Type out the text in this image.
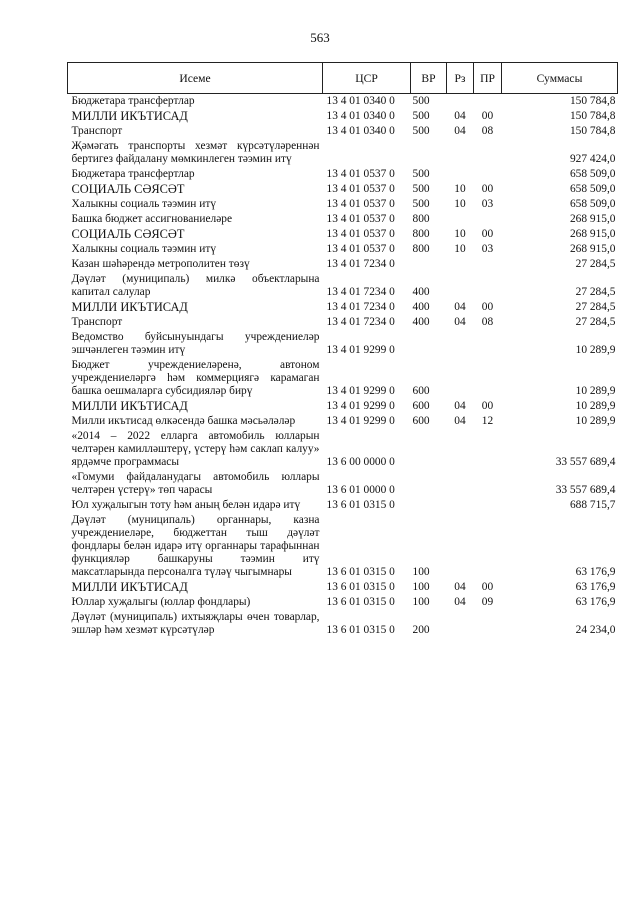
563
Исеме	ЦСР	ВР	Рз	ПР	Суммасы
Бюджетара трансфертлар	13 4 01 0340 0	500			150 784,8
МИЛЛИ ИКЪТИСАД	13 4 01 0340 0	500	04	00	150 784,8
Транспорт	13 4 01 0340 0	500	04	08	150 784,8
Җәмәгать транспорты хезмәт күрсәтүләреннән бертигез файдалану мөмкинлеген тәэмин итү					927 424,0
Бюджетара трансфертлар	13 4 01 0537 0	500			658 509,0
СОЦИАЛЬ СӘЯСӘТ	13 4 01 0537 0	500	10	00	658 509,0
Халыкны социаль тәэмин итү	13 4 01 0537 0	500	10	03	658 509,0
Башка бюджет ассигнованиеләре	13 4 01 0537 0	800			268 915,0
СОЦИАЛЬ СӘЯСӘТ	13 4 01 0537 0	800	10	00	268 915,0
Халыкны социаль тәэмин итү	13 4 01 0537 0	800	10	03	268 915,0
Казан шәһәрендә метрополитен төзү	13 4 01 7234 0				27 284,5
Дәүләт (муниципаль) милкә объектларына капитал салулар	13 4 01 7234 0	400			27 284,5
МИЛЛИ ИКЪТИСАД	13 4 01 7234 0	400	04	00	27 284,5
Транспорт	13 4 01 7234 0	400	04	08	27 284,5
Ведомство буйсынуындагы учреждениеләр эшчәнлеген тәэмин итү	13 4 01 9299 0				10 289,9
Бюджет учреждениеләренә, автоном учреждениеләргә һәм коммерциягә карамаган башка оешмаларга субсидияләр бирү	13 4 01 9299 0	600			10 289,9
МИЛЛИ ИКЪТИСАД	13 4 01 9299 0	600	04	00	10 289,9
Милли икътисад өлкәсендә башка мәсьәләләр	13 4 01 9299 0	600	04	12	10 289,9
«2014 – 2022 елларга автомобиль юлларын челтәрен камилләштерү, үстерү һәм саклап калуу» ярдәмче программасы	13 6 00 0000 0				33 557 689,4
«Гомуми файдаланудагы автомобиль юллары челтәрен үстерү» төп чарасы	13 6 01 0000 0				33 557 689,4
Юл хуҗалыгын тоту һәм аның белән идарә итү	13 6 01 0315 0				688 715,7
Дәүләт (муниципаль) органнары, казна учреждениеләре, бюджеттан тыш дәүләт фондлары белән идарә итү органнары тарафыннан функцияләр башкаруны тәэмин итү максатларында персоналга түләү чыгымнары	13 6 01 0315 0	100			63 176,9
МИЛЛИ ИКЪТИСАД	13 6 01 0315 0	100	04	00	63 176,9
Юллар хуҗалыгы (юллар фондлары)	13 6 01 0315 0	100	04	09	63 176,9
Дәүләт (муниципаль) ихтыяҗлары өчен товарлар, эшләр һәм хезмәт күрсәтүләр	13 6 01 0315 0	200			24 234,0
